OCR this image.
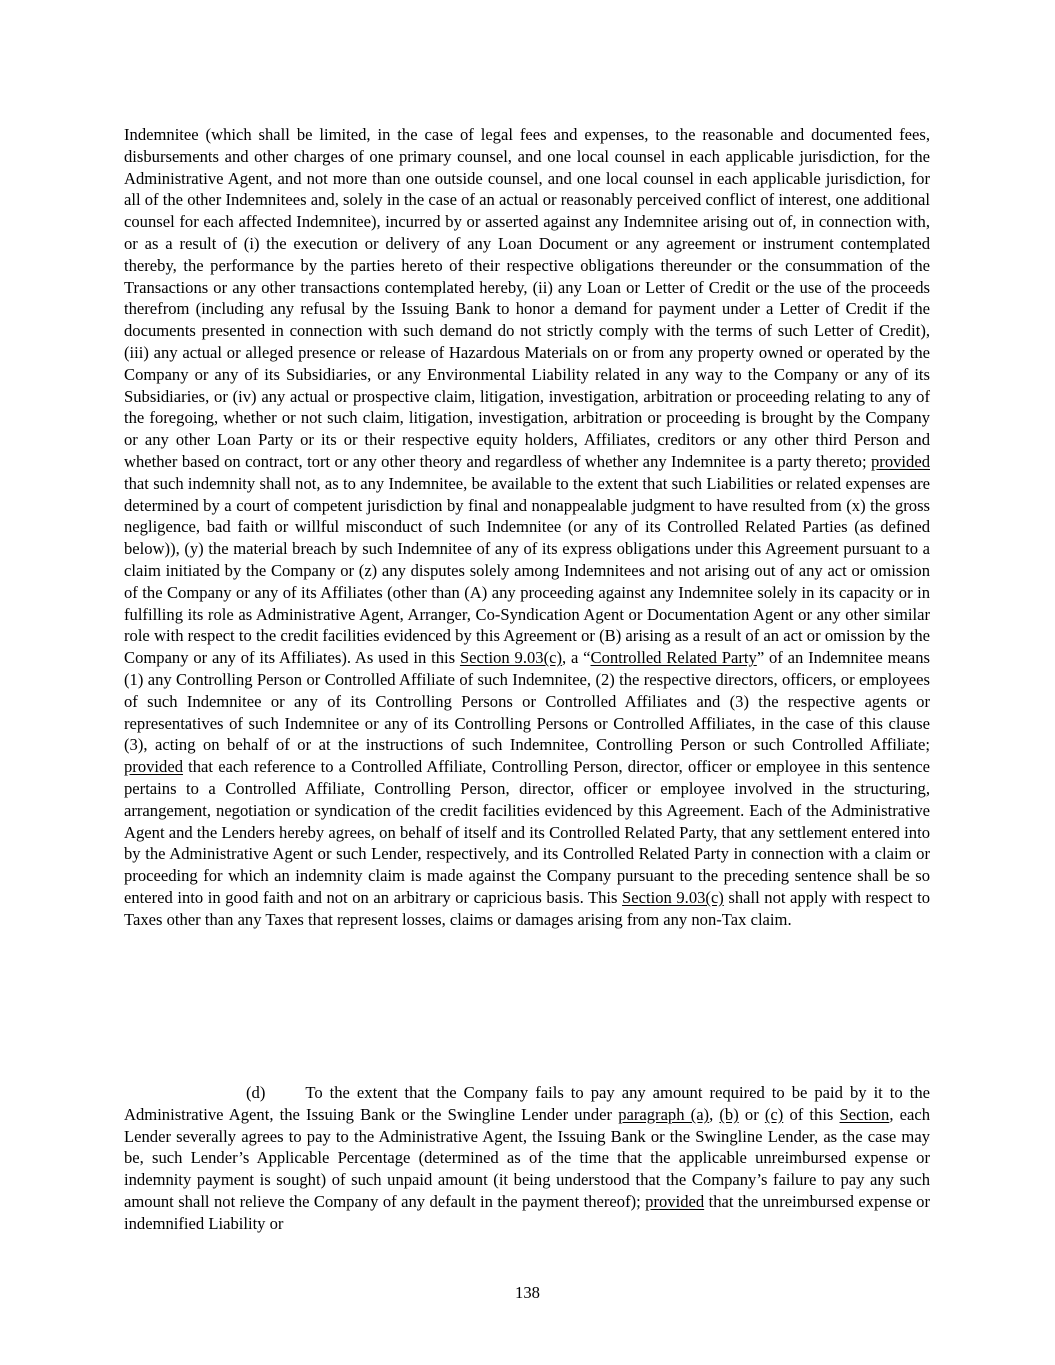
Indemnitee (which shall be limited, in the case of legal fees and expenses, to the reasonable and documented fees, disbursements and other charges of one primary counsel, and one local counsel in each applicable jurisdiction, for the Administrative Agent, and not more than one outside counsel, and one local counsel in each applicable jurisdiction, for all of the other Indemnitees and, solely in the case of an actual or reasonably perceived conflict of interest, one additional counsel for each affected Indemnitee), incurred by or asserted against any Indemnitee arising out of, in connection with, or as a result of (i) the execution or delivery of any Loan Document or any agreement or instrument contemplated thereby, the performance by the parties hereto of their respective obligations thereunder or the consummation of the Transactions or any other transactions contemplated hereby, (ii) any Loan or Letter of Credit or the use of the proceeds therefrom (including any refusal by the Issuing Bank to honor a demand for payment under a Letter of Credit if the documents presented in connection with such demand do not strictly comply with the terms of such Letter of Credit), (iii) any actual or alleged presence or release of Hazardous Materials on or from any property owned or operated by the Company or any of its Subsidiaries, or any Environmental Liability related in any way to the Company or any of its Subsidiaries, or (iv) any actual or prospective claim, litigation, investigation, arbitration or proceeding relating to any of the foregoing, whether or not such claim, litigation, investigation, arbitration or proceeding is brought by the Company or any other Loan Party or its or their respective equity holders, Affiliates, creditors or any other third Person and whether based on contract, tort or any other theory and regardless of whether any Indemnitee is a party thereto; provided that such indemnity shall not, as to any Indemnitee, be available to the extent that such Liabilities or related expenses are determined by a court of competent jurisdiction by final and nonappealable judgment to have resulted from (x) the gross negligence, bad faith or willful misconduct of such Indemnitee (or any of its Controlled Related Parties (as defined below)), (y) the material breach by such Indemnitee of any of its express obligations under this Agreement pursuant to a claim initiated by the Company or (z) any disputes solely among Indemnitees and not arising out of any act or omission of the Company or any of its Affiliates (other than (A) any proceeding against any Indemnitee solely in its capacity or in fulfilling its role as Administrative Agent, Arranger, Co-Syndication Agent or Documentation Agent or any other similar role with respect to the credit facilities evidenced by this Agreement or (B) arising as a result of an act or omission by the Company or any of its Affiliates). As used in this Section 9.03(c), a “Controlled Related Party” of an Indemnitee means (1) any Controlling Person or Controlled Affiliate of such Indemnitee, (2) the respective directors, officers, or employees of such Indemnitee or any of its Controlling Persons or Controlled Affiliates and (3) the respective agents or representatives of such Indemnitee or any of its Controlling Persons or Controlled Affiliates, in the case of this clause (3), acting on behalf of or at the instructions of such Indemnitee, Controlling Person or such Controlled Affiliate; provided that each reference to a Controlled Affiliate, Controlling Person, director, officer or employee in this sentence pertains to a Controlled Affiliate, Controlling Person, director, officer or employee involved in the structuring, arrangement, negotiation or syndication of the credit facilities evidenced by this Agreement. Each of the Administrative Agent and the Lenders hereby agrees, on behalf of itself and its Controlled Related Party, that any settlement entered into by the Administrative Agent or such Lender, respectively, and its Controlled Related Party in connection with a claim or proceeding for which an indemnity claim is made against the Company pursuant to the preceding sentence shall be so entered into in good faith and not on an arbitrary or capricious basis. This Section 9.03(c) shall not apply with respect to Taxes other than any Taxes that represent losses, claims or damages arising from any non-Tax claim.

(d) To the extent that the Company fails to pay any amount required to be paid by it to the Administrative Agent, the Issuing Bank or the Swingline Lender under paragraph (a), (b) or (c) of this Section, each Lender severally agrees to pay to the Administrative Agent, the Issuing Bank or the Swingline Lender, as the case may be, such Lender’s Applicable Percentage (determined as of the time that the applicable unreimbursed expense or indemnity payment is sought) of such unpaid amount (it being understood that the Company’s failure to pay any such amount shall not relieve the Company of any default in the payment thereof); provided that the unreimbursed expense or indemnified Liability or

138
